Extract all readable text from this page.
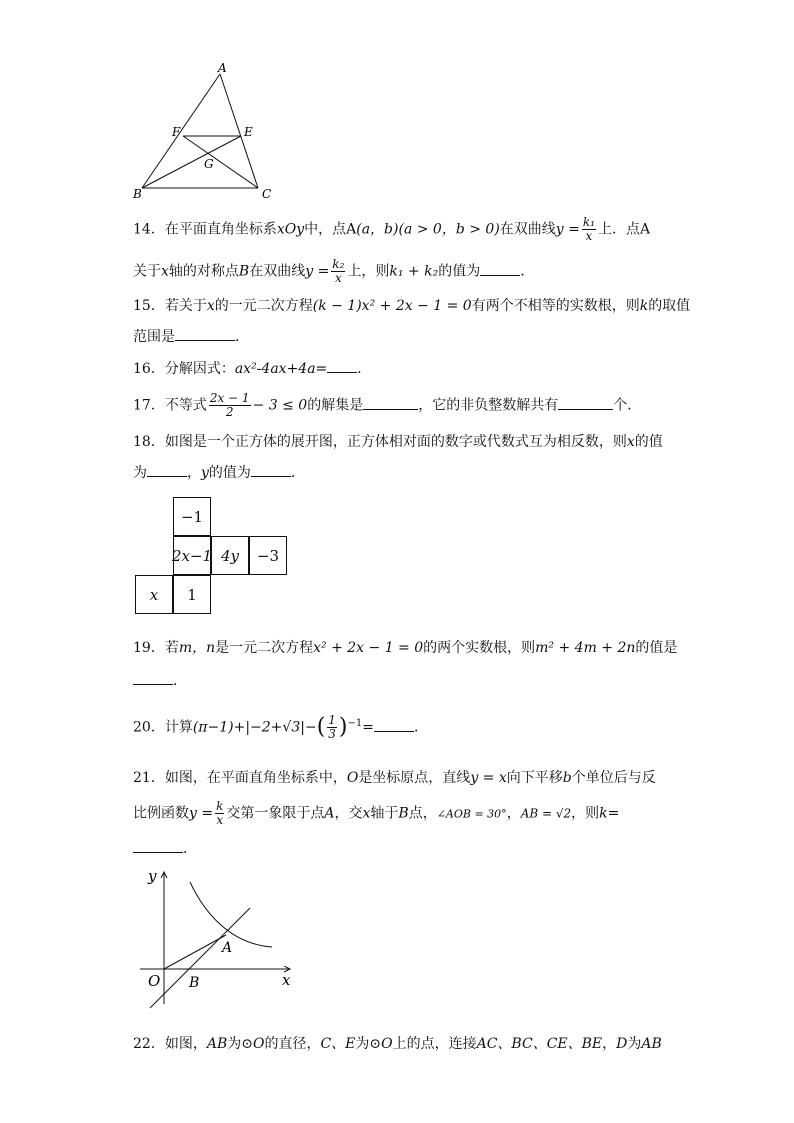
A
F	E
G
B	C
14．在平面直角坐标系xOy中，点A(a，b)(a > 0，b > 0)在双曲线$y = \frac{\text{k₁}}{x}$ 上．点A
关于x轴的对称点B在双曲线$y = \frac{\text{k₂}}{x}$ 上，则k₁ + k₂的值为	.
15．若关于x的一元二次方程(k − 1)x² + 2x − 1 = 0有两个不相等的实数根，则k的取值
范围是	．
16．分解因式：ax²-4ax+4a= ．
17．不等式 $\frac{2x - 1}{2} - 3 \le 0$的解集是	，它的非负整数解共有	个．
18．如图是一个正方体的展开图，正方体相对面的数字或代数式互为相反数，则x的值
为	，y的值为	．
−1
2x−1 4y −3
x 1
19．若m，n是一元二次方程x² + 2x − 1 = 0的两个实数根，则m² + 4m + 2n的值是
．
20．计算$(\pi-1)+|-2+√3|-( \frac{1}{3} )^{-1}=$	．
21．如图，在平面直角坐标系中，O是坐标原点，直线y = x向下平移b个单位后与反
比例函数$y = \frac{k}{x}$ 交第一象限于点A，交x轴于B点，∠AOB = 30°，AB = √2，则k=
．
y
x
O
A
B
22．如图，AB为⊙O的直径，C、E为⊙O上的点，连接AC、BC、CE、BE，D为AB
